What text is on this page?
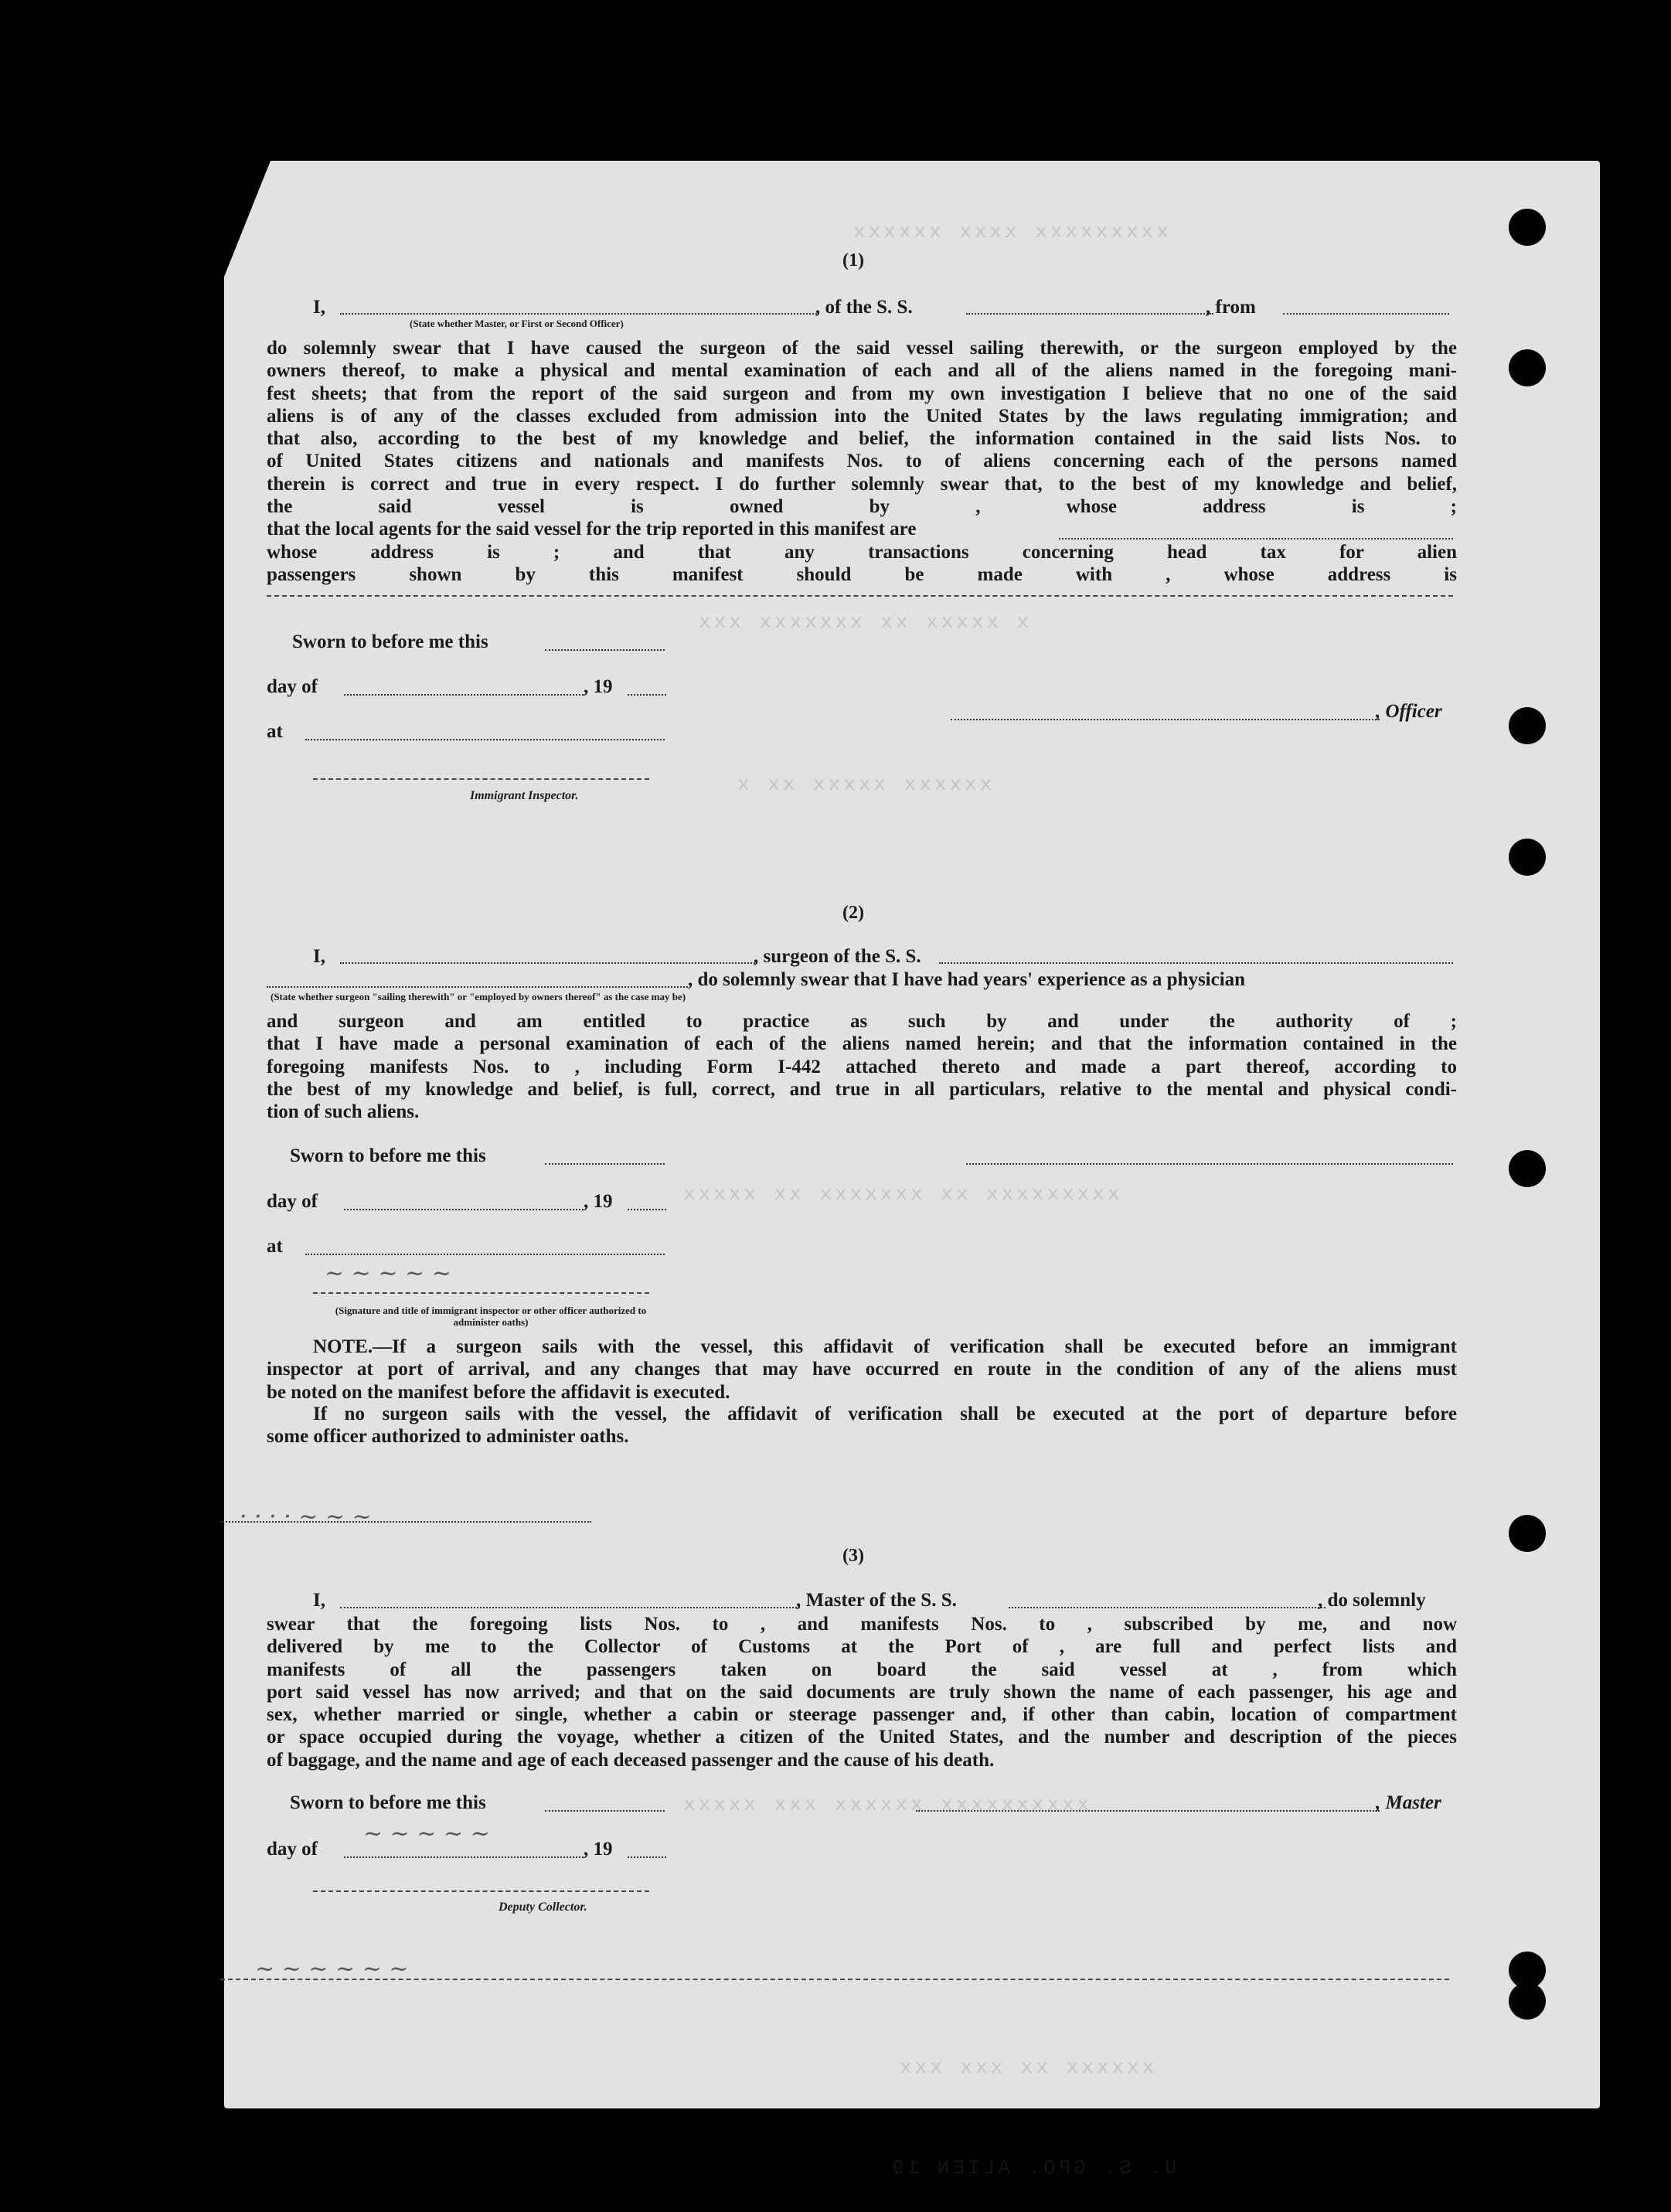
xxxxxxxxx xxxx xxxxxx
x xxxxx xx xxxxxxx xxx
xxxxxx xxxxx xx x
xxxxxxxxx xx xxxxxxx xx xxxxx
xxxxxxxxxx xxxxxx xxx xxxxx
xxxxxx xx xxx xxx
(1)
I,	, of the S. S.	, from
(State whether Master, or First or Second Officer)
do solemnly swear that I have caused the surgeon of the said vessel sailing therewith, or the surgeon employed by the
owners thereof, to make a physical and mental examination of each and all of the aliens named in the foregoing mani-
fest sheets; that from the report of the said surgeon and from my own investigation I believe that no one of the said
aliens is of any of the classes excluded from admission into the United States by the laws regulating immigration; and
that also, according to the best of my knowledge and belief, the information contained in the said lists Nos. to
of United States citizens and nationals and manifests Nos. to of aliens concerning each of the persons named
therein is correct and true in every respect. I do further solemnly swear that, to the best of my knowledge and belief,
the said vessel is owned by , whose address is ;
that the local agents for the said vessel for the trip reported in this manifest are
whose address is ; and that any transactions concerning head tax for alien
passengers shown by this manifest should be made with , whose address is
Sworn to before me this
day of	, 19
at
, Officer
Immigrant Inspector.
(2)
I,	, surgeon of the S. S.
, do solemnly swear that I have had years' experience as a physician
(State whether surgeon "sailing therewith" or "employed by owners thereof" as the case may be)
and surgeon and am entitled to practice as such by and under the authority of ;
that I have made a personal examination of each of the aliens named herein; and that the information contained in the
foregoing manifests Nos. to , including Form I-442 attached thereto and made a part thereof, according to
the best of my knowledge and belief, is full, correct, and true in all particulars, relative to the mental and physical condi-
tion of such aliens.
Sworn to before me this
day of	, 19
at
(Signature and title of immigrant inspector or other officer authorized to administer oaths)
NOTE.—If a surgeon sails with the vessel, this affidavit of verification shall be executed before an immigrant
inspector at port of arrival, and any changes that may have occurred en route in the condition of any of the aliens must
be noted on the manifest before the affidavit is executed.
If no surgeon sails with the vessel, the affidavit of verification shall be executed at the port of departure before
some officer authorized to administer oaths.
(3)
I,	, Master of the S. S.	, do solemnly
swear that the foregoing lists Nos. to , and manifests Nos. to , subscribed by me, and now
delivered by me to the Collector of Customs at the Port of , are full and perfect lists and
manifests of all the passengers taken on board the said vessel at , from which
port said vessel has now arrived; and that on the said documents are truly shown the name of each passenger, his age and
sex, whether married or single, whether a cabin or steerage passenger and, if other than cabin, location of compartment
or space occupied during the voyage, whether a citizen of the United States, and the number and description of the pieces
of baggage, and the name and age of each deceased passenger and the cause of his death.
Sworn to before me this	, Master
day of	, 19
Deputy Collector.
~ ~ ~ ~ ~
· · · · ~ ~ ~
~ ~ ~ ~ ~
~ ~ ~ ~ ~ ~
U. S. GPO. ALIEN 19
